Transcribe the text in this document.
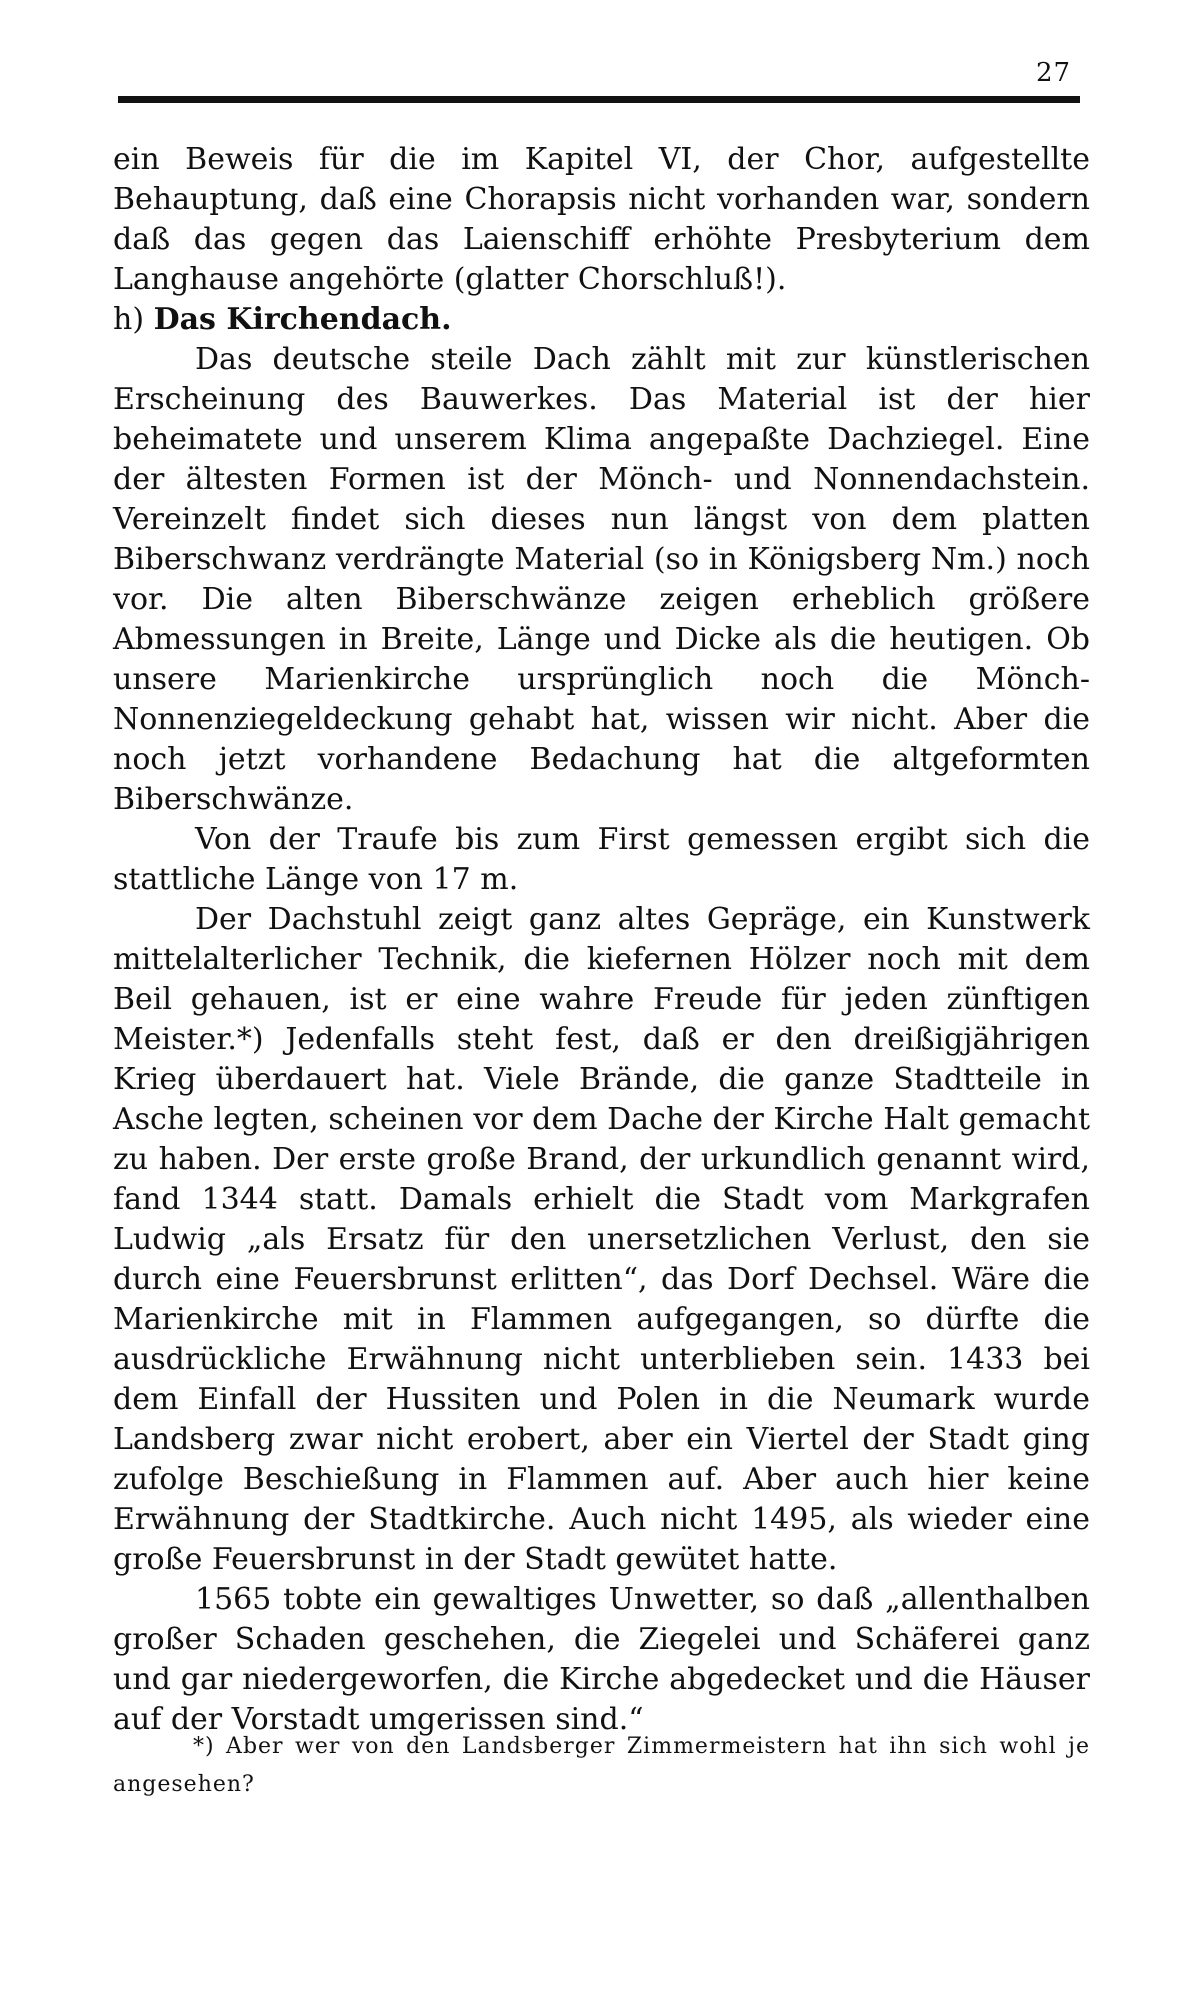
27

ein Beweis für die im Kapitel VI, der Chor, aufgestellte Behauptung, daß eine Chorapsis nicht vorhanden war, sondern daß das gegen das Laienschiff erhöhte Presbyterium dem Langhause angehörte (glatter Chorschluß!).

h) Das Kirchendach.

Das deutsche steile Dach zählt mit zur künstlerischen Erscheinung des Bauwerkes. Das Material ist der hier beheimatete und unserem Klima angepaßte Dachziegel. Eine der ältesten Formen ist der Mönch- und Nonnendachstein. Vereinzelt findet sich dieses nun längst von dem platten Biberschwanz verdrängte Material (so in Königsberg Nm.) noch vor. Die alten Biberschwänze zeigen erheblich größere Abmessungen in Breite, Länge und Dicke als die heutigen. Ob unsere Marienkirche ursprünglich noch die Mönch-Nonnenziegeldeckung gehabt hat, wissen wir nicht. Aber die noch jetzt vorhandene Bedachung hat die altgeformten Biberschwänze.

Von der Traufe bis zum First gemessen ergibt sich die stattliche Länge von 17 m.

Der Dachstuhl zeigt ganz altes Gepräge, ein Kunstwerk mittelalterlicher Technik, die kiefernen Hölzer noch mit dem Beil gehauen, ist er eine wahre Freude für jeden zünftigen Meister.*) Jedenfalls steht fest, daß er den dreißigjährigen Krieg überdauert hat. Viele Brände, die ganze Stadtteile in Asche legten, scheinen vor dem Dache der Kirche Halt gemacht zu haben. Der erste große Brand, der urkundlich genannt wird, fand 1344 statt. Damals erhielt die Stadt vom Markgrafen Ludwig „als Ersatz für den unersetzlichen Verlust, den sie durch eine Feuersbrunst erlitten“, das Dorf Dechsel. Wäre die Marienkirche mit in Flammen aufgegangen, so dürfte die ausdrückliche Erwähnung nicht unterblieben sein. 1433 bei dem Einfall der Hussiten und Polen in die Neumark wurde Landsberg zwar nicht erobert, aber ein Viertel der Stadt ging zufolge Beschießung in Flammen auf. Aber auch hier keine Erwähnung der Stadtkirche. Auch nicht 1495, als wieder eine große Feuersbrunst in der Stadt gewütet hatte.

1565 tobte ein gewaltiges Unwetter, so daß „allenthalben großer Schaden geschehen, die Ziegelei und Schäferei ganz und gar niedergeworfen, die Kirche abgedecket und die Häuser auf der Vorstadt umgerissen sind.“

*) Aber wer von den Landsberger Zimmermeistern hat ihn sich wohl je angesehen?
